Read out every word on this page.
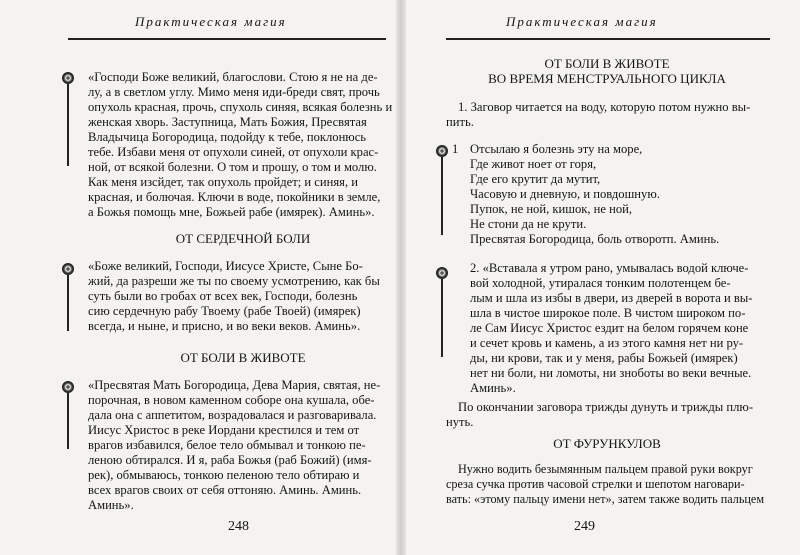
Практическая магия
«Господи Боже великий, благослови. Стою я не на де-
лу, а в светлом углу. Мимо меня иди-бреди свят, прочь
опухоль красная, прочь, спухоль синяя, всякая болезнь и
женская хворь. Заступница, Мать Божия, Пресвятая
Владычица Богородица, подойду к тебе, поклонюсь
тебе. Избави меня от опухоли синей, от опухоли крас-
ной, от всякой болезни. О том и прошу, о том и молю.
Как меня изсйдет, так опухоль пройдет; и синяя, и
красная, и болючая. Ключи в воде, покойники в земле,
а Божья помощь мне, Божьей рабе (имярек). Аминь».
ОТ СЕРДЕЧНОЙ БОЛИ
«Боже великий, Господи, Иисусе Христе, Сыне Бо-
жий, да разреши же ты по своему усмотрению, как бы
суть были во гробах от всех век, Господи, болезнь
сию сердечную рабу Твоему (рабе Твоей) (имярек)
всегда, и ныне, и присно, и во веки веков. Аминь».
ОТ БОЛИ В ЖИВОТЕ
«Пресвятая Мать Богородица, Дева Мария, святая, не-
порочная, в новом каменном соборе она кушала, обе-
дала она с аппетитом, возрадовалася и разговаривала.
Иисус Христос в реке Иордани крестился и тем от
врагов избавился, белое тело обмывал и тонкою пе-
леною обтирался. И я, раба Божья (раб Божий) (имя-
рек), обмываюсь, тонкою пеленою тело обтираю и
всех врагов своих от себя оттоняю. Аминь. Аминь.
Аминь».
248
Практическая магия
ОТ БОЛИ В ЖИВОТЕ
ВО ВРЕМЯ МЕНСТРУАЛЬНОГО ЦИКЛА
1. Заговор читается на воду, которую потом нужно вы-
пить.
1 Отсылаю я болезнь эту на море,
Где живот ноет от горя,
Где его крутит да мутит,
Часовую и дневную, и повдошную.
Пупок, не ной, кишок, не ной,
Не стони да не крути.
Пресвятая Богородица, боль отворотп. Аминь.
2. «Вставала я утром рано, умывалась водой ключе-
вой холодной, утиралася тонким полотенцем бе-
лым и шла из избы в двери, из дверей в ворота и вы-
шла в чистое широкое поле. В чистом широком по-
ле Сам Иисус Христос ездит на белом горячем коне
и сечет кровь и камень, а из этого камня нет ни ру-
ды, ни крови, так и у меня, рабы Божьей (имярек)
нет ни боли, ни ломоты, ни зноботы во веки вечные.
Аминь».
По окончании заговора трижды дунуть и трижды плю-
нуть.
ОТ ФУРУНКУЛОВ
Нужно водить безымянным пальцем правой руки вокруг
среза сучка против часовой стрелки и шепотом наговари-
вать: «этому пальцу имени нет», затем также водить пальцем
249
